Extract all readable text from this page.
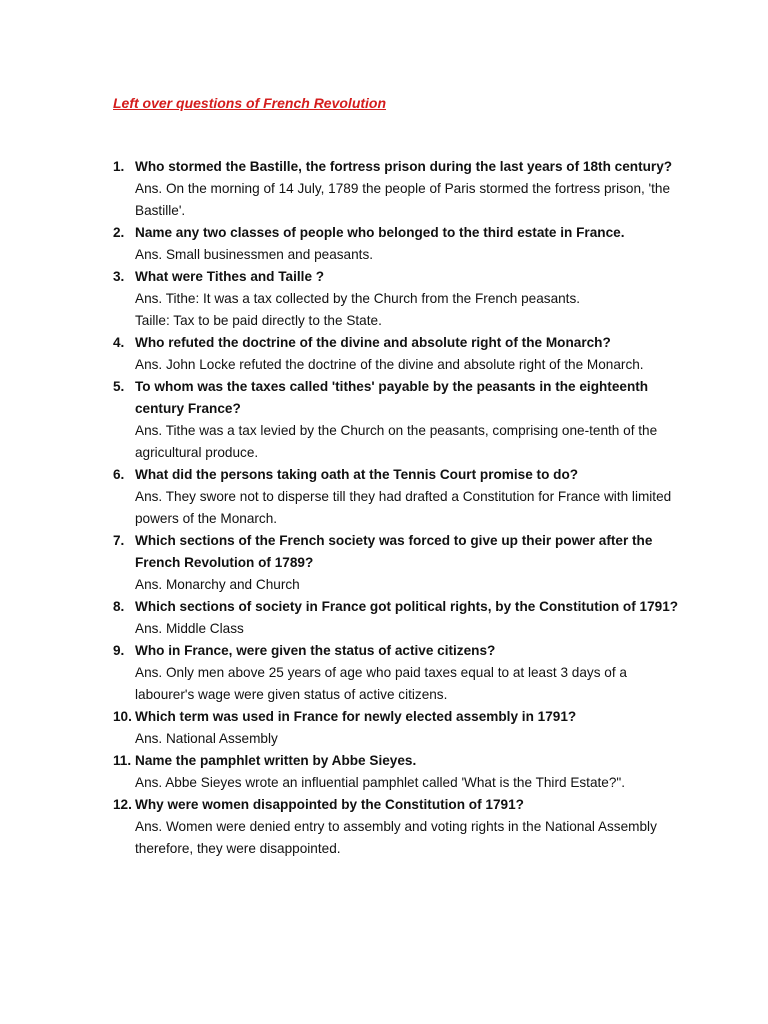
Left over questions of French Revolution
1. Who stormed the Bastille, the fortress prison during the last years of 18th century?
Ans. On the morning of 14 July, 1789 the people of Paris stormed the fortress prison, 'the Bastille'.
2. Name any two classes of people who belonged to the third estate in France.
Ans. Small businessmen and peasants.
3. What were Tithes and Taille ?
Ans. Tithe: It was a tax collected by the Church from the French peasants.
Taille: Tax to be paid directly to the State.
4. Who refuted the doctrine of the divine and absolute right of the Monarch?
Ans. John Locke refuted the doctrine of the divine and absolute right of the Monarch.
5. To whom was the taxes called 'tithes' payable by the peasants in the eighteenth century France?
Ans. Tithe was a tax levied by the Church on the peasants, comprising one-tenth of the agricultural produce.
6. What did the persons taking oath at the Tennis Court promise to do?
Ans. They swore not to disperse till they had drafted a Constitution for France with limited powers of the Monarch.
7. Which sections of the French society was forced to give up their power after the French Revolution of 1789?
Ans. Monarchy and Church
8. Which sections of society in France got political rights, by the Constitution of 1791?
Ans. Middle Class
9. Who in France, were given the status of active citizens?
Ans. Only men above 25 years of age who paid taxes equal to at least 3 days of a labourer's wage were given status of active citizens.
10. Which term was used in France for newly elected assembly in 1791?
Ans. National Assembly
11. Name the pamphlet written by Abbe Sieyes.
Ans. Abbe Sieyes wrote an influential pamphlet called 'What is the Third Estate?".
12. Why were women disappointed by the Constitution of 1791?
Ans. Women were denied entry to assembly and voting rights in the National Assembly therefore, they were disappointed.
